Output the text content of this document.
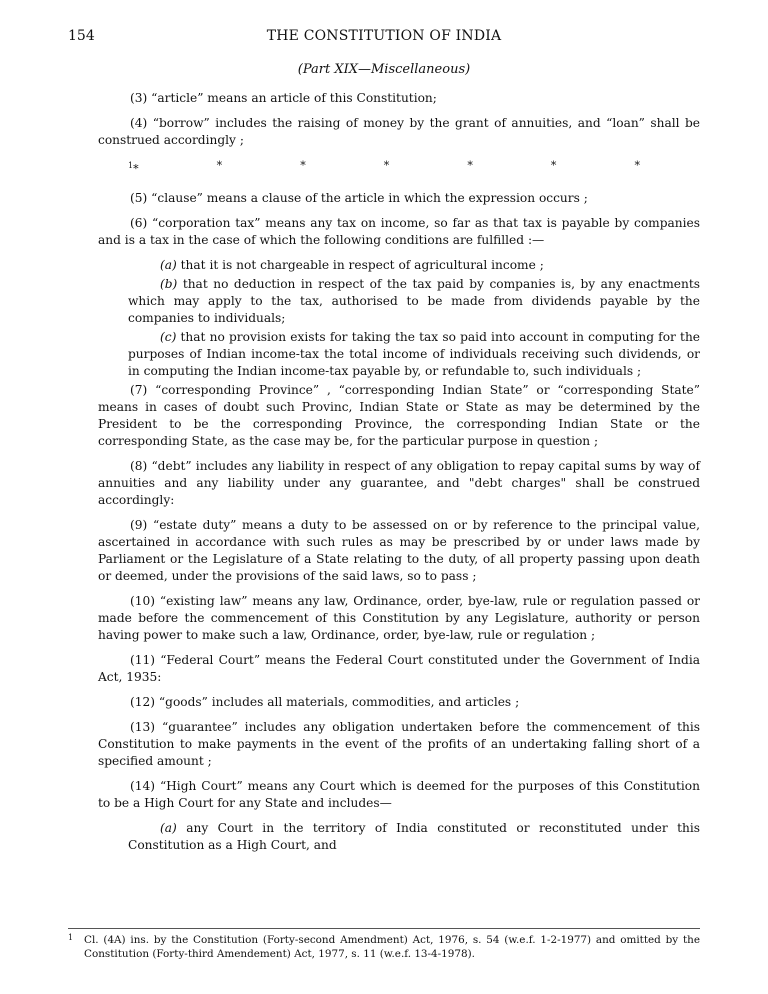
154	THE CONSTITUTION OF INDIA
(Part XIX—Miscellaneous)

(3) “article” means an article of this Constitution;

(4) “borrow” includes the raising of money by the grant of annuities, and “loan” shall be construed accordingly ;

$^1$*	*	*	*	*	*	*

(5) “clause” means a clause of the article in which the expression occurs ;

(6) “corporation tax” means any tax on income, so far as that tax is payable by companies and is a tax in the case of which the following conditions are fulfilled :—

(a) that it is not chargeable in respect of agricultural income ;

(b) that no deduction in respect of the tax paid by companies is, by any enactments which may apply to the tax, authorised to be made from dividends payable by the companies to individuals;

(c) that no provision exists for taking the tax so paid into account in computing for the purposes of Indian income-tax the total income of individuals receiving such dividends, or in computing the Indian income-tax payable by, or refundable to, such individuals ;

(7) “corresponding Province” , “corresponding Indian State” or “corresponding State” means in cases of doubt such Provinc, Indian State or State as may be determined by the President to be the corresponding Province, the corresponding Indian State or the corresponding State, as the case may be, for the particular purpose in question ;

(8) “debt” includes any liability in respect of any obligation to repay capital sums by way of annuities and any liability under any guarantee, and "debt charges" shall be construed accordingly:

(9) “estate duty” means a duty to be assessed on or by reference to the principal value, ascertained in accordance with such rules as may be prescribed by or under laws made by Parliament or the Legislature of a State relating to the duty, of all property passing upon death or deemed, under the provisions of the said laws, so to pass ;

(10) “existing law” means any law, Ordinance, order, bye-law, rule or regulation passed or made before the commencement of this Constitution by any Legislature, authority or person having power to make such a law, Ordinance, order, bye-law, rule or regulation ;

(11) “Federal Court” means the Federal Court constituted under the Government of India Act, 1935:

(12) “goods” includes all materials, commodities, and articles ;

(13) “guarantee” includes any obligation undertaken before the commencement of this Constitution to make payments in the event of the profits of an undertaking falling short of a specified amount ;

(14) “High Court” means any Court which is deemed for the purposes of this Constitution to be a High Court for any State and includes—

(a) any Court in the territory of India constituted or reconstituted under this Constitution as a High Court, and

1 Cl. (4A) ins. by the Constitution (Forty-second Amendment) Act, 1976, s. 54 (w.e.f. 1-2-1977) and omitted by the Constitution (Forty-third Amendement) Act, 1977, s. 11 (w.e.f. 13-4-1978).
